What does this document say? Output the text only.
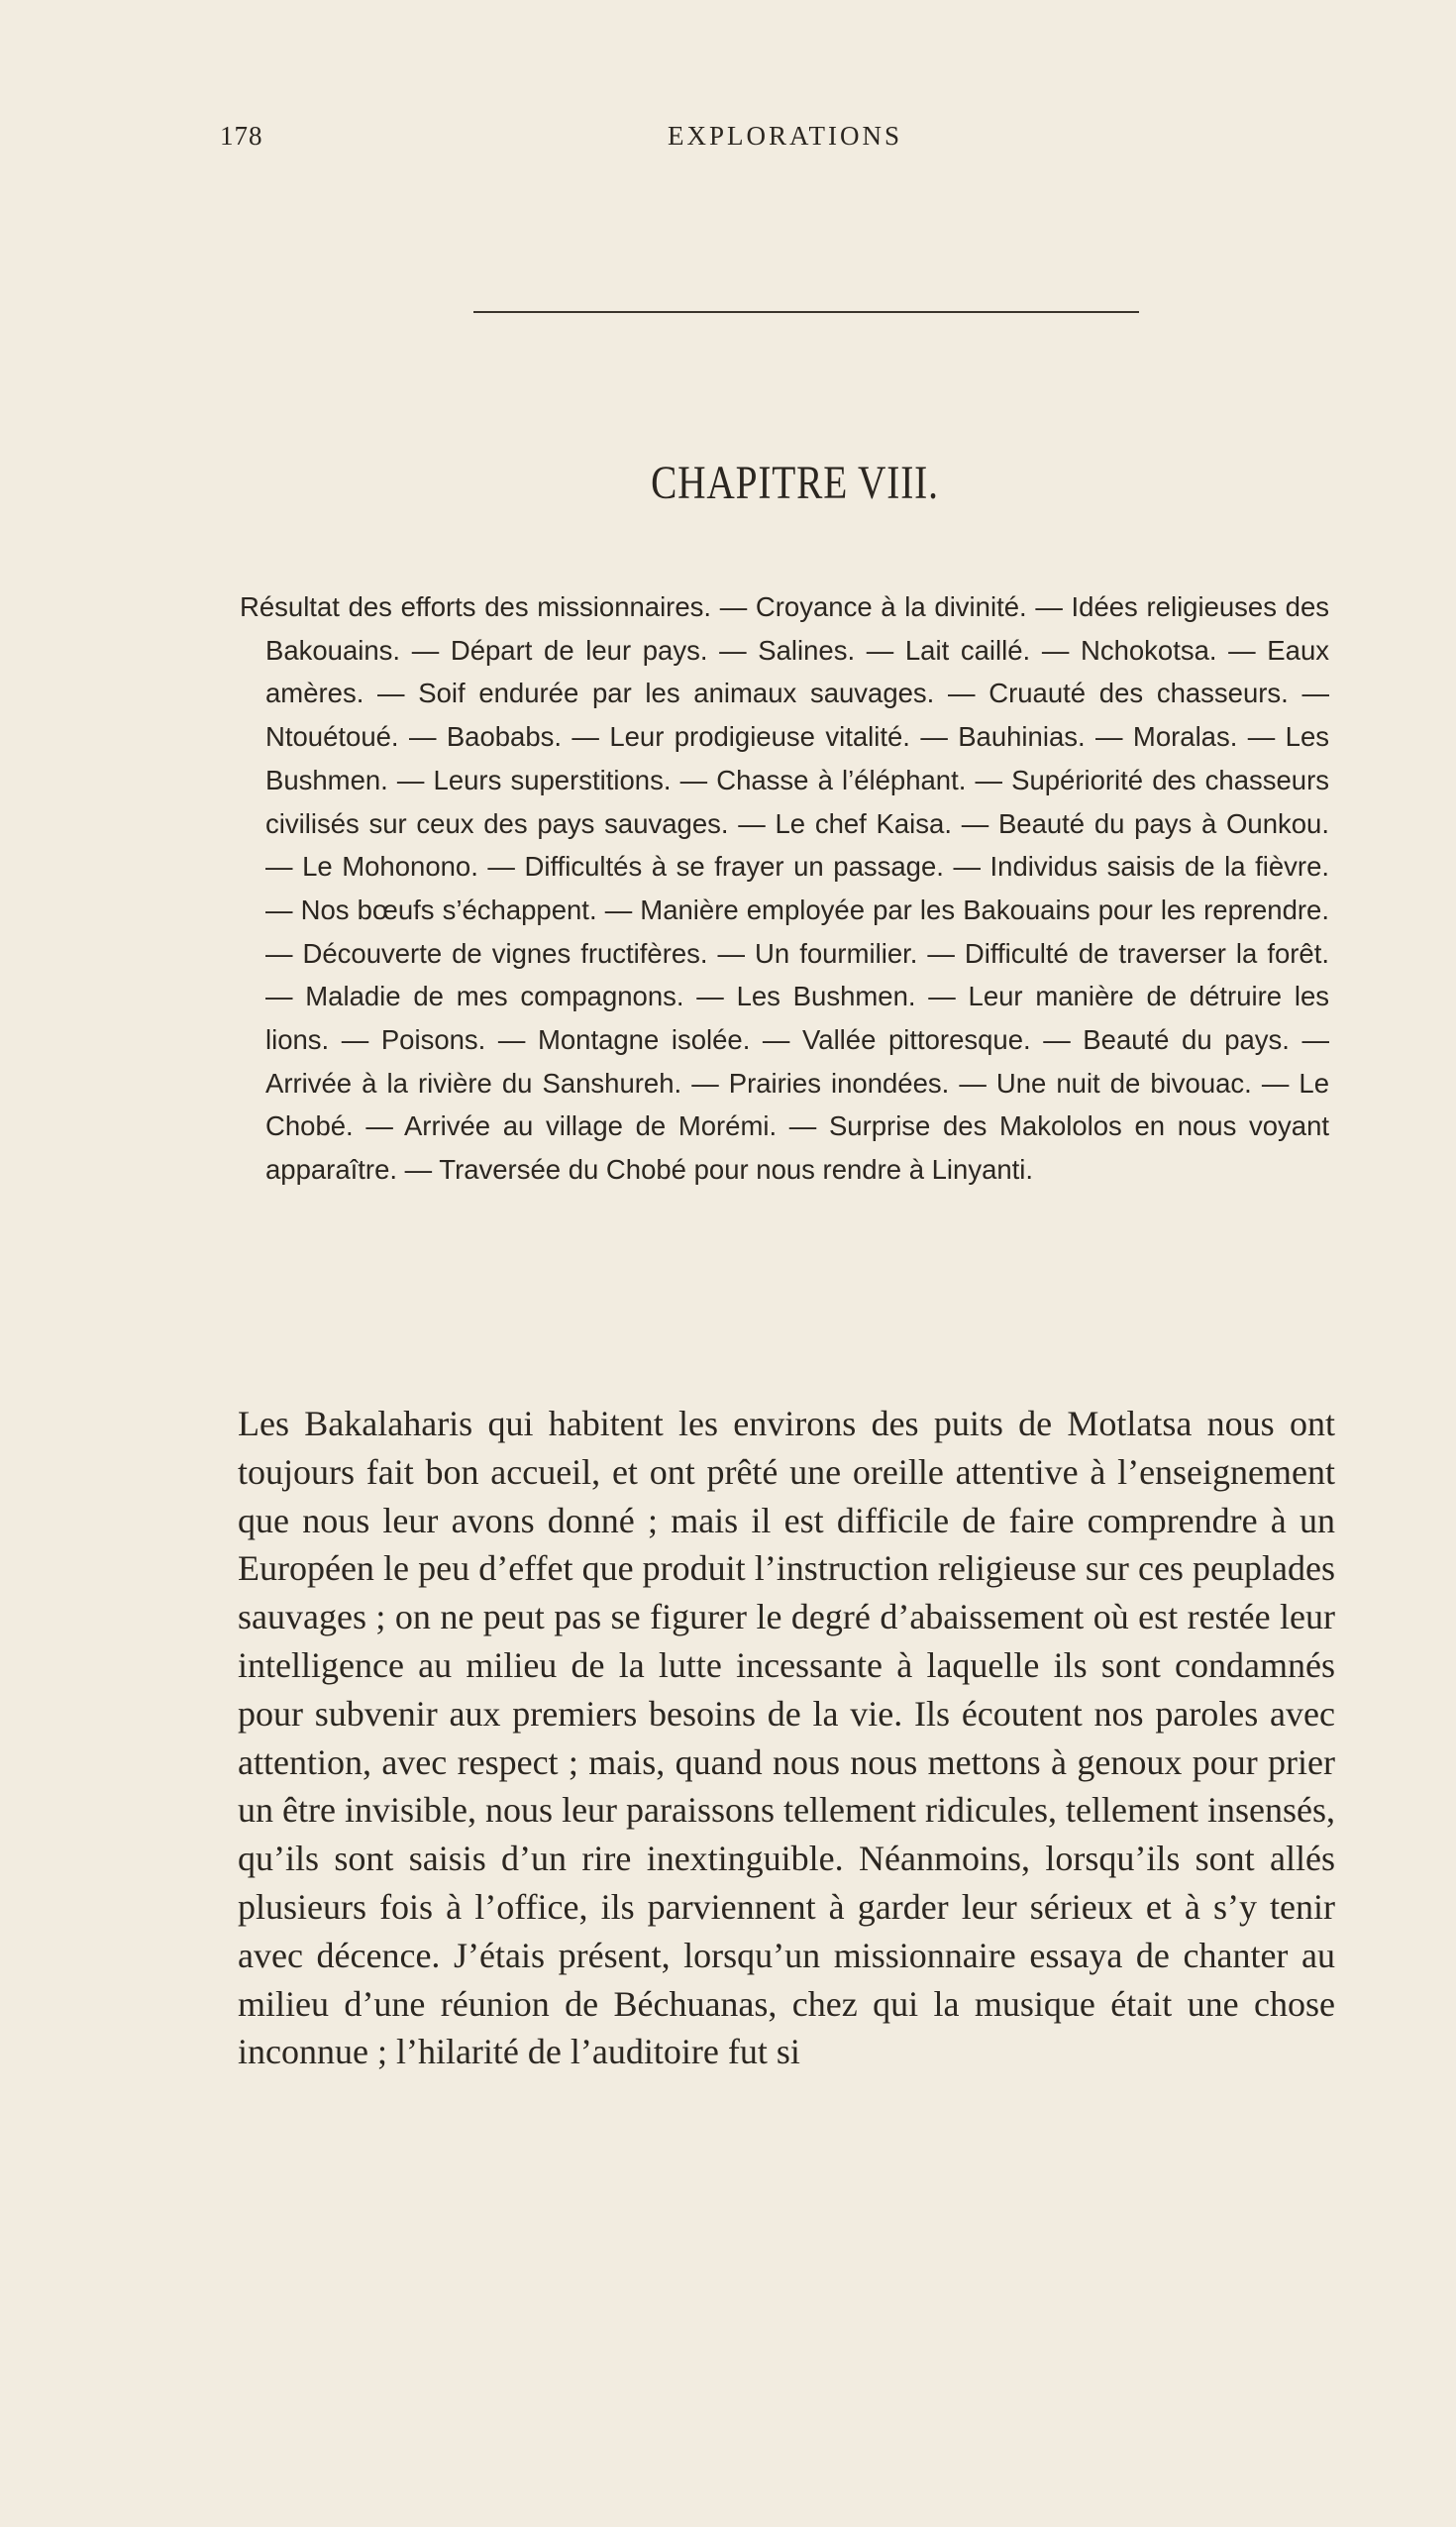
178	EXPLORATIONS
CHAPITRE VIII.

Résultat des efforts des missionnaires. — Croyance à la divinité. — Idées religieuses des Bakouains. — Départ de leur pays. — Salines. — Lait caillé. — Nchokotsa. — Eaux amères. — Soif endurée par les animaux sauvages. — Cruauté des chasseurs. — Ntouétoué. — Baobabs. — Leur prodigieuse vitalité. — Bauhinias. — Moralas. — Les Bushmen. — Leurs superstitions. — Chasse à l’éléphant. — Supériorité des chasseurs civilisés sur ceux des pays sauvages. — Le chef Kaisa. — Beauté du pays à Ounkou. — Le Mohonono. — Difficultés à se frayer un passage. — Individus saisis de la fièvre. — Nos bœufs s’échappent. — Manière employée par les Bakouains pour les reprendre. — Découverte de vignes fructifères. — Un fourmilier. — Difficulté de traverser la forêt. — Maladie de mes compagnons. — Les Bushmen. — Leur manière de détruire les lions. — Poisons. — Montagne isolée. — Vallée pittoresque. — Beauté du pays. — Arrivée à la rivière du Sanshureh. — Prairies inondées. — Une nuit de bivouac. — Le Chobé. — Arrivée au village de Morémi. — Surprise des Makololos en nous voyant apparaître. — Traversée du Chobé pour nous rendre à Linyanti.

Les Bakalaharis qui habitent les environs des puits de Motlatsa nous ont toujours fait bon accueil, et ont prêté une oreille attentive à l’enseignement que nous leur avons donné ; mais il est difficile de faire comprendre à un Européen le peu d’effet que produit l’instruction religieuse sur ces peuplades sauvages ; on ne peut pas se figurer le degré d’abaissement où est restée leur intelligence au milieu de la lutte incessante à laquelle ils sont condamnés pour subvenir aux premiers besoins de la vie. Ils écoutent nos paroles avec attention, avec respect ; mais, quand nous nous mettons à genoux pour prier un être invisible, nous leur paraissons tellement ridicules, tellement insensés, qu’ils sont saisis d’un rire inextinguible. Néanmoins, lorsqu’ils sont allés plusieurs fois à l’office, ils parviennent à garder leur sérieux et à s’y tenir avec décence. J’étais présent, lorsqu’un missionnaire essaya de chanter au milieu d’une réunion de Béchuanas, chez qui la musique était une chose inconnue ; l’hilarité de l’auditoire fut si
